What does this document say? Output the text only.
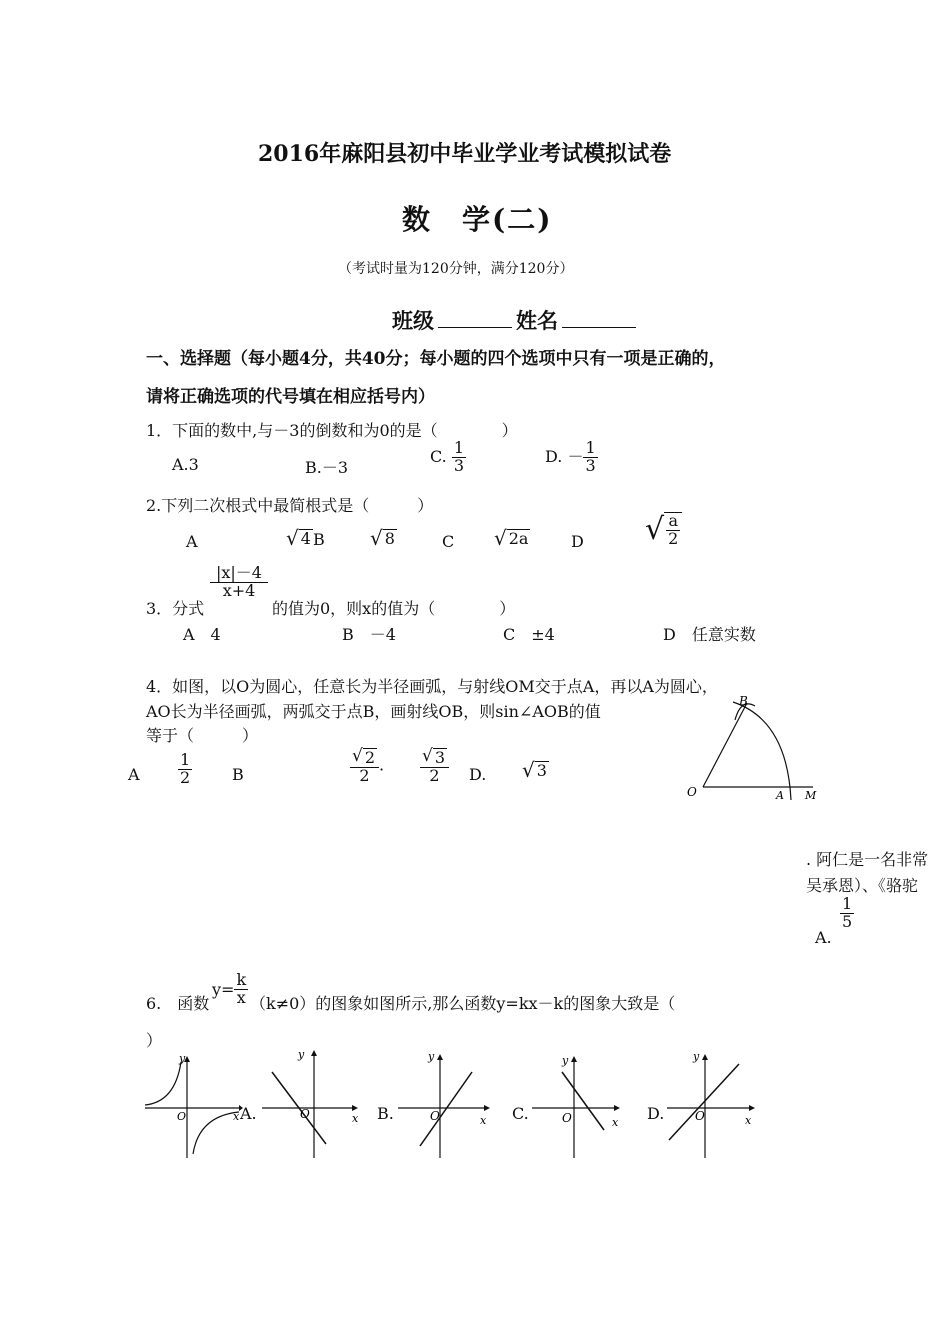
2016年麻阳县初中毕业学业考试模拟试卷
数　学(二)
（考试时量为120分钟，满分120分）
班级	姓名
一、选择题（每小题4分，共40分；每小题的四个选项中只有一项是正确的，
请将正确选项的代号填在相应括号内）
1．下面的数中,与－3的倒数和为0的是（　　　　）
A.3	B.－3
C. $\frac{1}{3}$	D. － $\frac{1}{3}$
2.下列二次根式中最简根式是（　　　）
A	√ 4 B √ 8	C √ 2a	D √ $\frac{a}{2}$
3．分式
$\frac{|x|-4}{x+4}$
的值为0，则x的值为（　　　　）
A　4	B　－4	C　±4	D　任意实数
4．如图，以O为圆心，任意长为半径画弧，与射线OM交于点A，再以A为圆心，
AO长为半径画弧，两弧交于点B，画射线OB，则sin∠AOB的值
等于（　　　）
A $\frac{1}{2}$ B	$\frac{√ 2}{2}$ . $\frac{√ 3}{2} D$. √ 3
B
O	A M
. 阿仁是一名非常
吴承恩）、《骆驼
A.
$\frac{1}{5}$
6.　函数
$y= \frac{k}{x} (k\ne 0)$的图象如图所示,那么函数y=kx－k的图象大致是（
）
O
y
x A.	O
y
x B.	O
y
x C.	O
y
x D.	O
y
x
